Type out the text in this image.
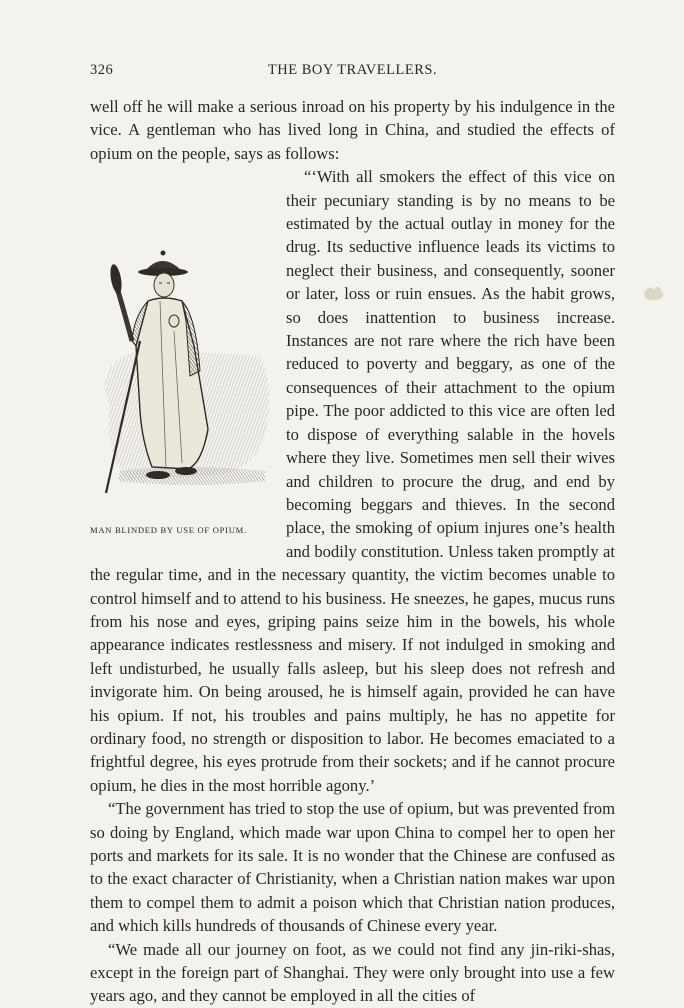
326	THE BOY TRAVELLERS.

well off he will make a serious inroad on his property by his indulgence in the vice. A gentleman who has lived long in China, and studied the effects of opium on the people, says as follows:

MAN BLINDED BY USE OF OPIUM.

“‘With all smokers the effect of this vice on their pecuniary standing is by no means to be estimated by the actual outlay in money for the drug. Its seductive influence leads its victims to neglect their business, and consequently, sooner or later, loss or ruin ensues. As the habit grows, so does inattention to business increase. Instances are not rare where the rich have been reduced to poverty and beggary, as one of the consequences of their attachment to the opium pipe. The poor addicted to this vice are often led to dispose of everything salable in the hovels where they live. Sometimes men sell their wives and children to procure the drug, and end by becoming beggars and thieves. In the second place, the smoking of opium injures one’s health and bodily constitution. Unless taken promptly at the regular time, and in the necessary quantity, the victim becomes unable to control himself and to attend to his business. He sneezes, he gapes, mucus runs from his nose and eyes, griping pains seize him in the bowels, his whole appearance indicates restlessness and misery. If not indulged in smoking and left undisturbed, he usually falls asleep, but his sleep does not refresh and invigorate him. On being aroused, he is himself again, provided he can have his opium. If not, his troubles and pains multiply, he has no appetite for ordinary food, no strength or disposition to labor. He becomes emaciated to a frightful degree, his eyes protrude from their sockets; and if he cannot procure opium, he dies in the most horrible agony.’

“The government has tried to stop the use of opium, but was prevented from so doing by England, which made war upon China to compel her to open her ports and markets for its sale. It is no wonder that the Chinese are confused as to the exact character of Christianity, when a Christian nation makes war upon them to compel them to admit a poison which that Christian nation produces, and which kills hundreds of thousands of Chinese every year.

“We made all our journey on foot, as we could not find any jin-riki-shas, except in the foreign part of Shanghai. They were only brought into use a few years ago, and they cannot be employed in all the cities of
